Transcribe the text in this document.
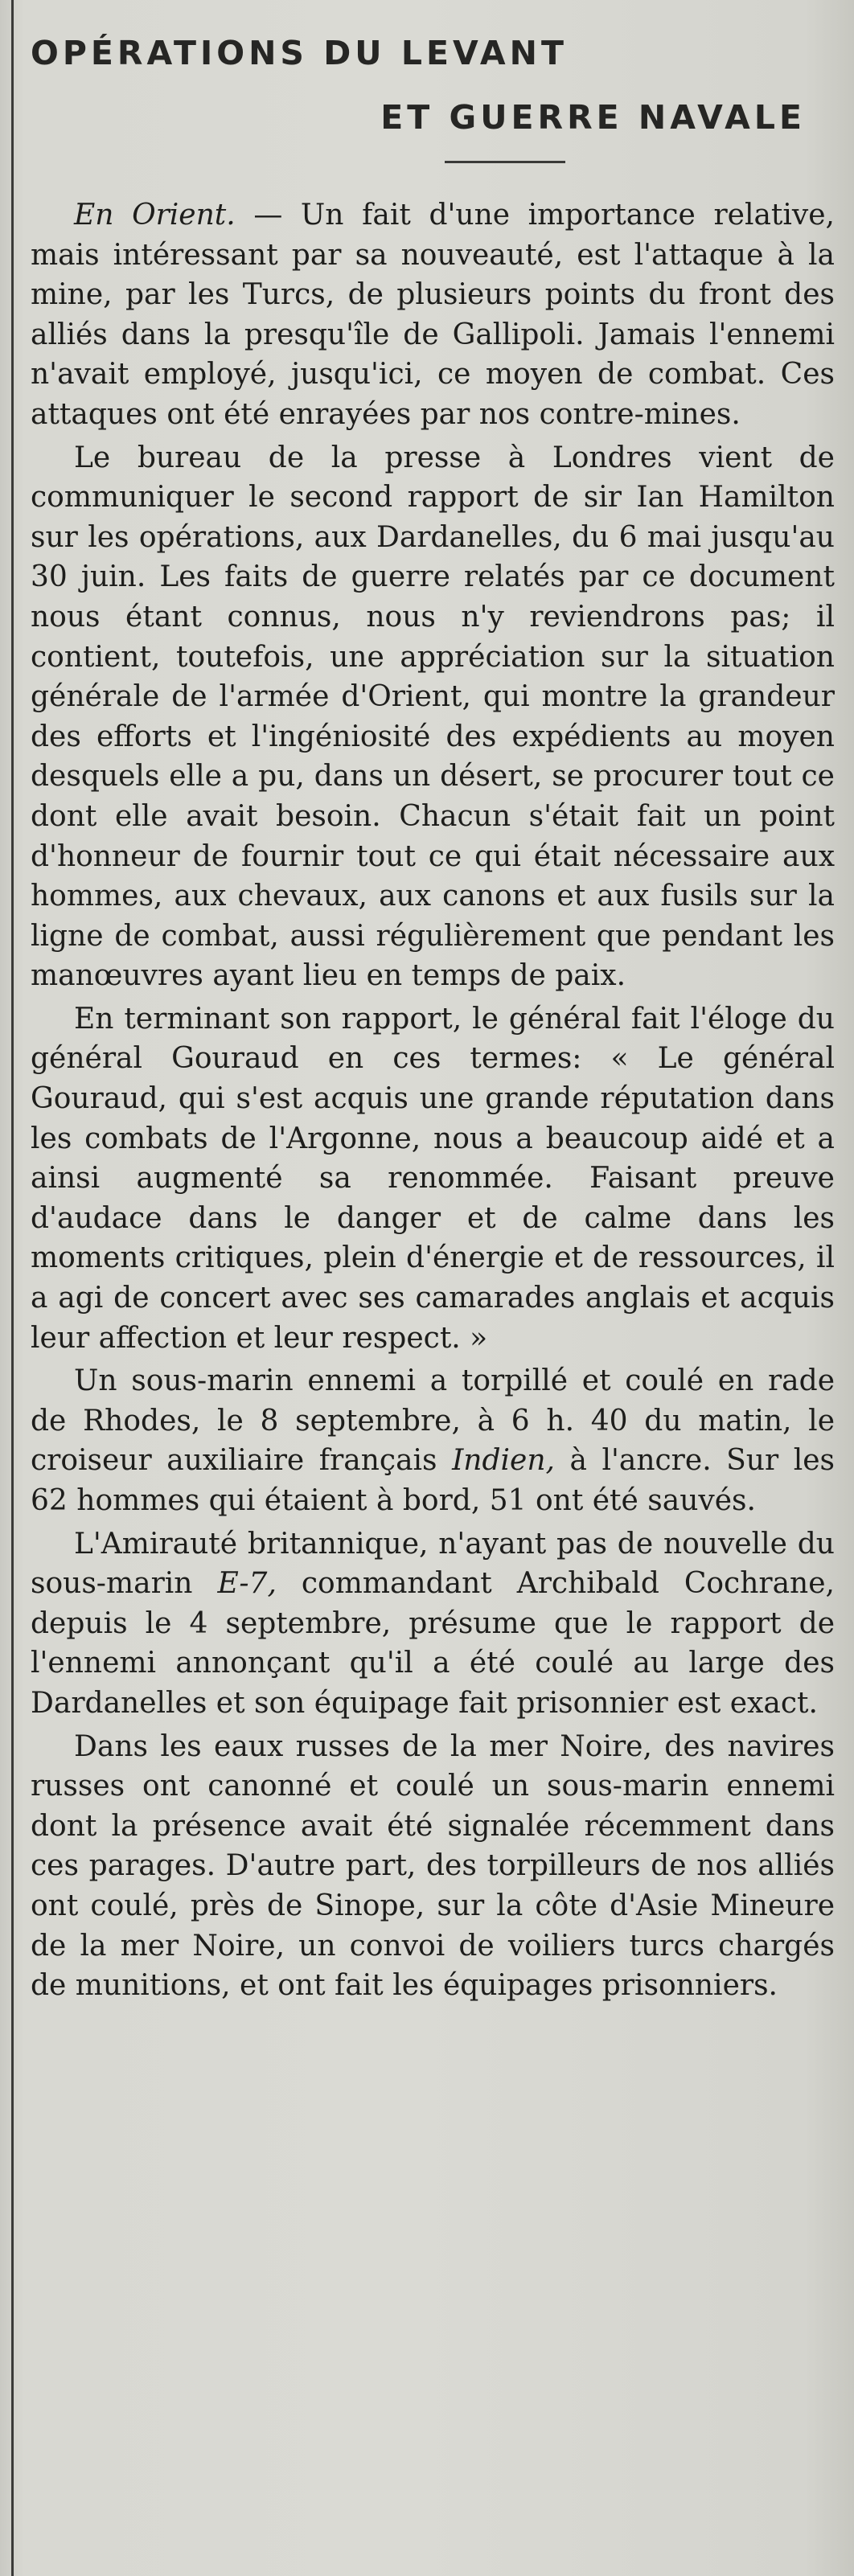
OPÉRATIONS DU LEVANT
ET GUERRE NAVALE

En Orient. — Un fait d'une importance relative, mais intéressant par sa nouveauté, est l'attaque à la mine, par les Turcs, de plusieurs points du front des alliés dans la presqu'île de Gallipoli. Jamais l'ennemi n'avait employé, jusqu'ici, ce moyen de combat. Ces attaques ont été enrayées par nos contre-mines.

Le bureau de la presse à Londres vient de communiquer le second rapport de sir Ian Hamilton sur les opérations, aux Dardanelles, du 6 mai jusqu'au 30 juin. Les faits de guerre relatés par ce document nous étant connus, nous n'y reviendrons pas; il contient, toutefois, une appréciation sur la situation générale de l'armée d'Orient, qui montre la grandeur des efforts et l'ingéniosité des expédients au moyen desquels elle a pu, dans un désert, se procurer tout ce dont elle avait besoin. Chacun s'était fait un point d'honneur de fournir tout ce qui était nécessaire aux hommes, aux chevaux, aux canons et aux fusils sur la ligne de combat, aussi régulièrement que pendant les manœuvres ayant lieu en temps de paix.

En terminant son rapport, le général fait l'éloge du général Gouraud en ces termes: « Le général Gouraud, qui s'est acquis une grande réputation dans les combats de l'Argonne, nous a beaucoup aidé et a ainsi augmenté sa renommée. Faisant preuve d'audace dans le danger et de calme dans les moments critiques, plein d'énergie et de ressources, il a agi de concert avec ses camarades anglais et acquis leur affection et leur respect. »

Un sous-marin ennemi a torpillé et coulé en rade de Rhodes, le 8 septembre, à 6 h. 40 du matin, le croiseur auxiliaire français Indien, à l'ancre. Sur les 62 hommes qui étaient à bord, 51 ont été sauvés.

L'Amirauté britannique, n'ayant pas de nouvelle du sous-marin E-7, commandant Archibald Cochrane, depuis le 4 septembre, présume que le rapport de l'ennemi annonçant qu'il a été coulé au large des Dardanelles et son équipage fait prisonnier est exact.

Dans les eaux russes de la mer Noire, des navires russes ont canonné et coulé un sous-marin ennemi dont la présence avait été signalée récemment dans ces parages. D'autre part, des torpilleurs de nos alliés ont coulé, près de Sinope, sur la côte d'Asie Mineure de la mer Noire, un convoi de voiliers turcs chargés de munitions, et ont fait les équipages prisonniers.
